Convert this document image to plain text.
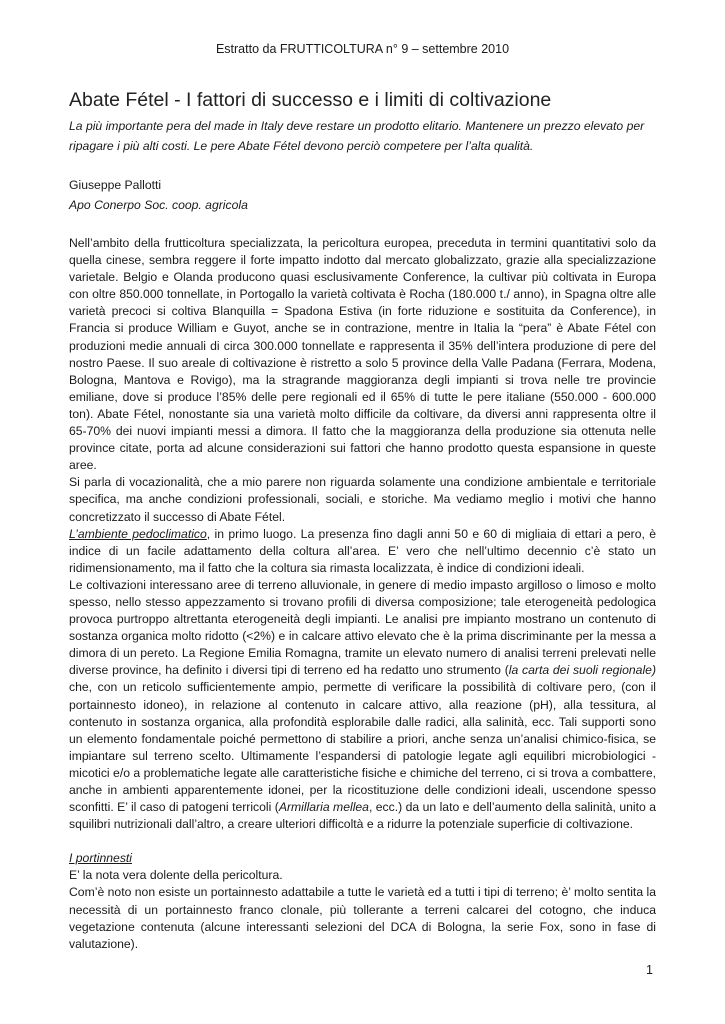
Estratto da FRUTTICOLTURA n° 9 – settembre 2010
Abate Fétel - I fattori di successo e i limiti di coltivazione

La più importante pera del made in Italy deve restare un prodotto elitario. Mantenere un prezzo elevato per ripagare i più alti costi. Le pere Abate Fétel devono perciò competere per l’alta qualità.

Giuseppe Pallotti
Apo Conerpo Soc. coop. agricola

Nell’ambito della frutticoltura specializzata, la pericoltura europea, preceduta in termini quantitativi solo da quella cinese, sembra reggere il forte impatto indotto dal mercato globalizzato, grazie alla specializzazione varietale. Belgio e Olanda producono quasi esclusivamente Conference, la cultivar più coltivata in Europa con oltre 850.000 tonnellate, in Portogallo la varietà coltivata è Rocha (180.000 t./ anno), in Spagna oltre alle varietà precoci si coltiva Blanquilla = Spadona Estiva (in forte riduzione e sostituita da Conference), in Francia si produce William e Guyot, anche se in contrazione, mentre in Italia la “pera” è Abate Fétel con produzioni medie annuali di circa 300.000 tonnellate e rappresenta il 35% dell’intera produzione di pere del nostro Paese. Il suo areale di coltivazione è ristretto a solo 5 province della Valle Padana (Ferrara, Modena, Bologna, Mantova e Rovigo), ma la stragrande maggioranza degli impianti si trova nelle tre provincie emiliane, dove si produce l’85% delle pere regionali ed il 65% di tutte le pere italiane (550.000 - 600.000 ton). Abate Fétel, nonostante sia una varietà molto difficile da coltivare, da diversi anni rappresenta oltre il 65-70% dei nuovi impianti messi a dimora. Il fatto che la maggioranza della produzione sia ottenuta nelle province citate, porta ad alcune considerazioni sui fattori che hanno prodotto questa espansione in queste aree.

Si parla di vocazionalità, che a mio parere non riguarda solamente una condizione ambientale e territoriale specifica, ma anche condizioni professionali, sociali, e storiche. Ma vediamo meglio i motivi che hanno concretizzato il successo di Abate Fétel.

L’ambiente pedoclimatico, in primo luogo. La presenza fino dagli anni 50 e 60 di migliaia di ettari a pero, è indice di un facile adattamento della coltura all’area. E’ vero che nell’ultimo decennio c’è stato un ridimensionamento, ma il fatto che la coltura sia rimasta localizzata, è indice di condizioni ideali.

Le coltivazioni interessano aree di terreno alluvionale, in genere di medio impasto argilloso o limoso e molto spesso, nello stesso appezzamento si trovano profili di diversa composizione; tale eterogeneità pedologica provoca purtroppo altrettanta eterogeneità degli impianti. Le analisi pre impianto mostrano un contenuto di sostanza organica molto ridotto (<2%) e in calcare attivo elevato che è la prima discriminante per la messa a dimora di un pereto. La Regione Emilia Romagna, tramite un elevato numero di analisi terreni prelevati nelle diverse province, ha definito i diversi tipi di terreno ed ha redatto uno strumento (la carta dei suoli regionale) che, con un reticolo sufficientemente ampio, permette di verificare la possibilità di coltivare pero, (con il portainnesto idoneo), in relazione al contenuto in calcare attivo, alla reazione (pH), alla tessitura, al contenuto in sostanza organica, alla profondità esplorabile dalle radici, alla salinità, ecc. Tali supporti sono un elemento fondamentale poiché permettono di stabilire a priori, anche senza un’analisi chimico-fisica, se impiantare sul terreno scelto. Ultimamente l’espandersi di patologie legate agli equilibri microbiologici - micotici e/o a problematiche legate alle caratteristiche fisiche e chimiche del terreno, ci si trova a combattere, anche in ambienti apparentemente idonei, per la ricostituzione delle condizioni ideali, uscendone spesso sconfitti. E’ il caso di patogeni terricoli (Armillaria mellea, ecc.) da un lato e dell’aumento della salinità, unito a squilibri nutrizionali dall’altro, a creare ulteriori difficoltà e a ridurre la potenziale superficie di coltivazione.

I portinnesti

E’ la nota vera dolente della pericoltura.

Com’è noto non esiste un portainnesto adattabile a tutte le varietà ed a tutti i tipi di terreno; è’ molto sentita la necessità di un portainnesto franco clonale, più tollerante a terreni calcarei del cotogno, che induca vegetazione contenuta (alcune interessanti selezioni del DCA di Bologna, la serie Fox, sono in fase di valutazione).

1
